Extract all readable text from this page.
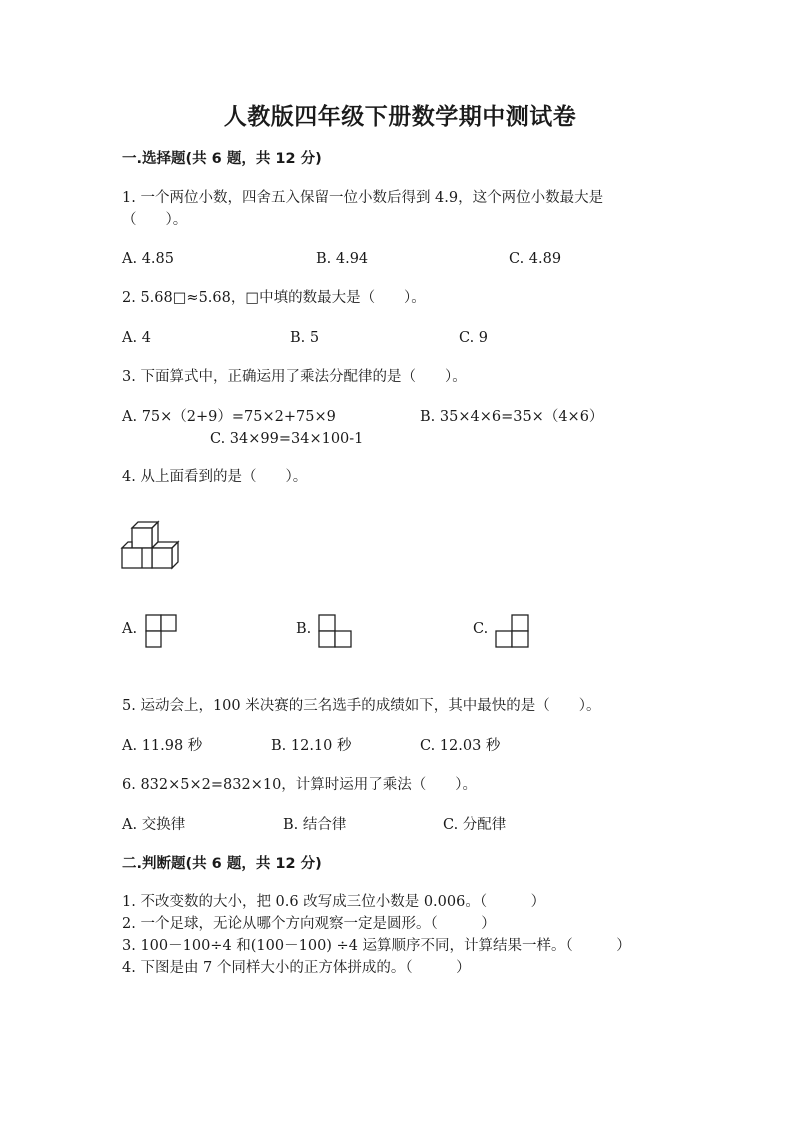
人教版四年级下册数学期中测试卷
一.选择题(共 6 题，共 12 分)
1. 一个两位小数，四舍五入保留一位小数后得到 4.9，这个两位小数最大是
（　　）。
A. 4.85	B. 4.94	C. 4.89
2. 5.68□≈5.68，□中填的数最大是（　　）。
A. 4	B. 5	C. 9
3. 下面算式中，正确运用了乘法分配律的是（　　）。
A. 75×（2+9）=75×2+75×9	B. 35×4×6=35×（4×6）
C. 34×99=34×100-1
4. 从上面看到的是（　　）。
A.	B.	C.
5. 运动会上，100 米决赛的三名选手的成绩如下，其中最快的是（　　）。
A. 11.98 秒	B. 12.10 秒	C. 12.03 秒
6. 832×5×2=832×10，计算时运用了乘法（　　）。
A. 交换律	B. 结合律	C. 分配律
二.判断题(共 6 题，共 12 分)
1. 不改变数的大小，把 0.6 改写成三位小数是 0.006。（　　　）
2. 一个足球，无论从哪个方向观察一定是圆形。（　　　）
3. 100－100÷4 和(100－100) ÷4 运算顺序不同，计算结果一样。（　　　）
4. 下图是由 7 个同样大小的正方体拼成的。（　　　）
